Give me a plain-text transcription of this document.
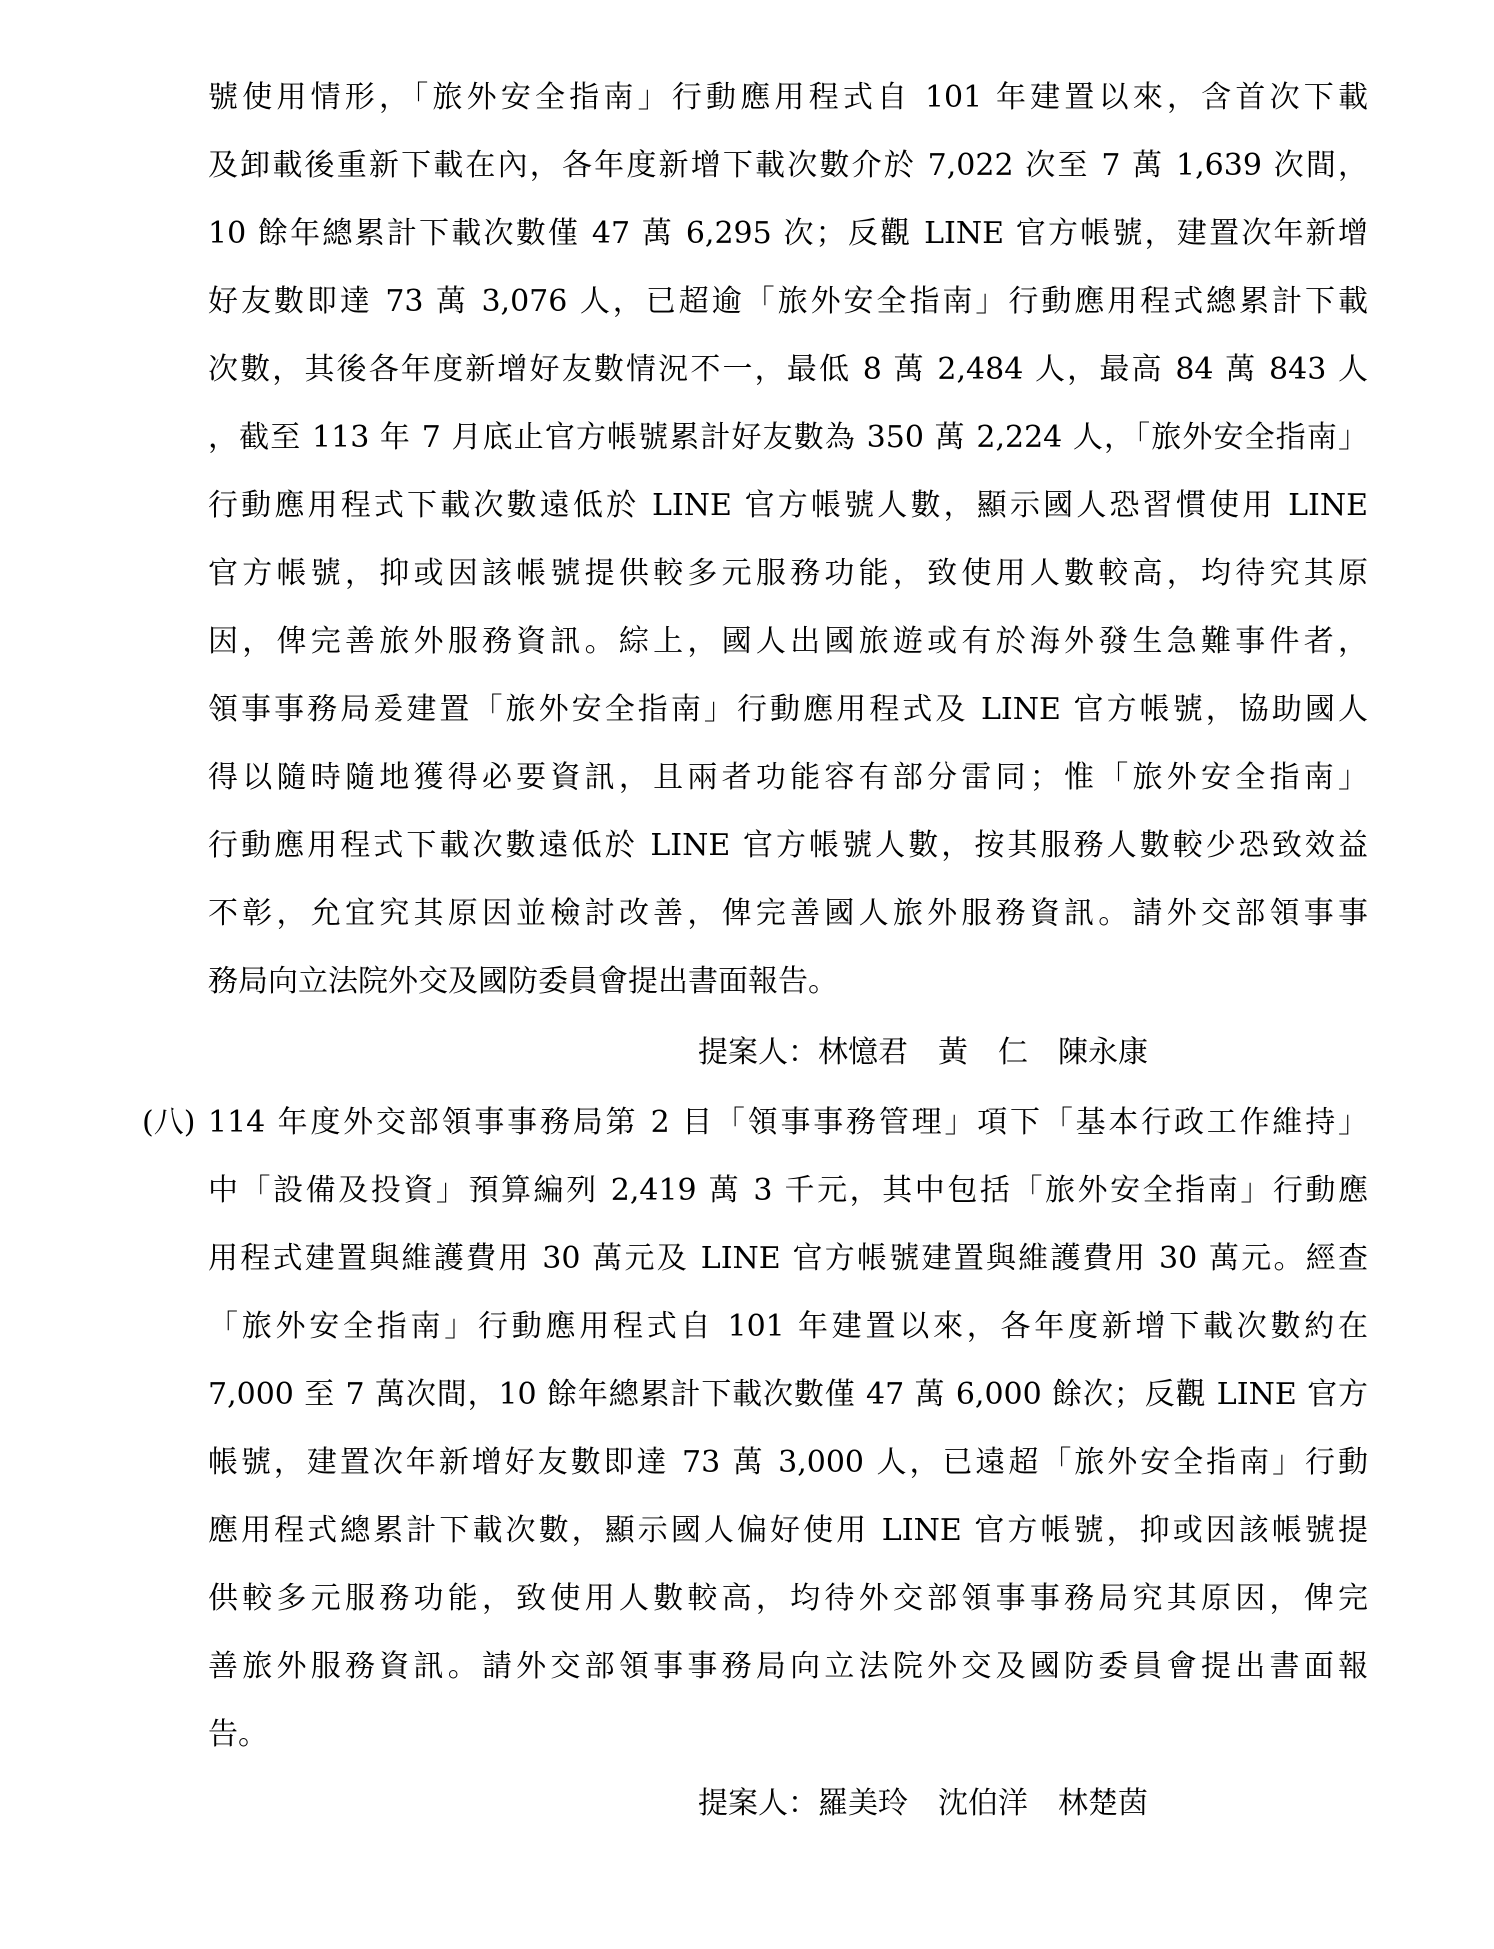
號使用情形，「旅外安全指南」行動應用程式自 101 年建置以來，含首次下載
及卸載後重新下載在內，各年度新增下載次數介於 7,022 次至 7 萬 1,639 次間，
10 餘年總累計下載次數僅 47 萬 6,295 次；反觀 LINE 官方帳號，建置次年新增
好友數即達 73 萬 3,076 人，已超逾「旅外安全指南」行動應用程式總累計下載
次數，其後各年度新增好友數情況不一，最低 8 萬 2,484 人，最高 84 萬 843 人
，截至 113 年 7 月底止官方帳號累計好友數為 350 萬 2,224 人，「旅外安全指南」
行動應用程式下載次數遠低於 LINE 官方帳號人數，顯示國人恐習慣使用 LINE
官方帳號，抑或因該帳號提供較多元服務功能，致使用人數較高，均待究其原
因，俾完善旅外服務資訊。綜上，國人出國旅遊或有於海外發生急難事件者，
領事事務局爰建置「旅外安全指南」行動應用程式及 LINE 官方帳號，協助國人
得以隨時隨地獲得必要資訊，且兩者功能容有部分雷同；惟「旅外安全指南」
行動應用程式下載次數遠低於 LINE 官方帳號人數，按其服務人數較少恐致效益
不彰，允宜究其原因並檢討改善，俾完善國人旅外服務資訊。請外交部領事事
務局向立法院外交及國防委員會提出書面報告。
提案人：林憶君　黃　仁　陳永康
(八) 114 年度外交部領事事務局第 2 目「領事事務管理」項下「基本行政工作維持」
中「設備及投資」預算編列 2,419 萬 3 千元，其中包括「旅外安全指南」行動應
用程式建置與維護費用 30 萬元及 LINE 官方帳號建置與維護費用 30 萬元。經查
「旅外安全指南」行動應用程式自 101 年建置以來，各年度新增下載次數約在
7,000 至 7 萬次間，10 餘年總累計下載次數僅 47 萬 6,000 餘次；反觀 LINE 官方
帳號，建置次年新增好友數即達 73 萬 3,000 人，已遠超「旅外安全指南」行動
應用程式總累計下載次數，顯示國人偏好使用 LINE 官方帳號，抑或因該帳號提
供較多元服務功能，致使用人數較高，均待外交部領事事務局究其原因，俾完
善旅外服務資訊。請外交部領事事務局向立法院外交及國防委員會提出書面報
告。
提案人：羅美玲　沈伯洋　林楚茵
